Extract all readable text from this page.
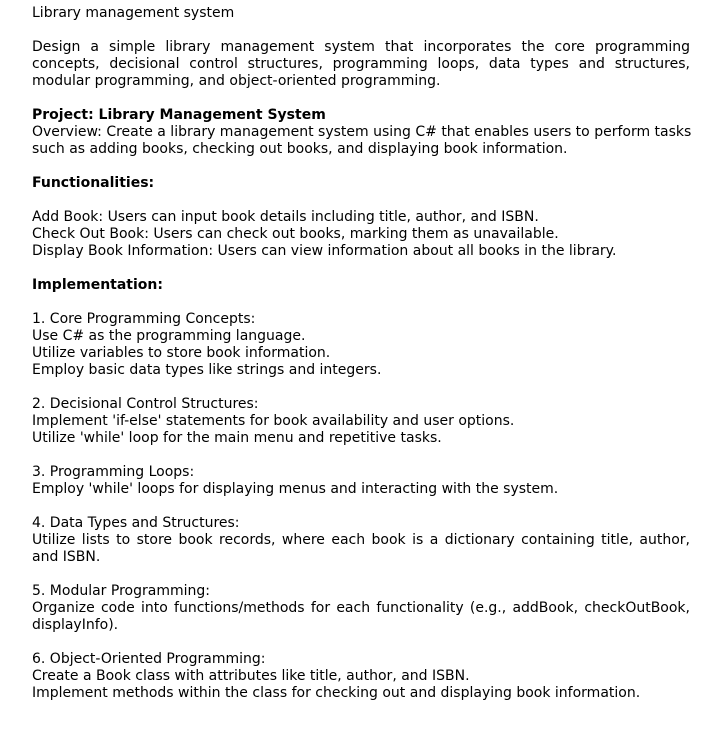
Library management system

Design a simple library management system that incorporates the core programming concepts, decisional control structures, programming loops, data types and structures, modular programming, and object-oriented programming.

Project: Library Management System
Overview: Create a library management system using C# that enables users to perform tasks
such as adding books, checking out books, and displaying book information.
Functionalities:
Add Book: Users can input book details including title, author, and ISBN.
Check Out Book: Users can check out books, marking them as unavailable.
Display Book Information: Users can view information about all books in the library.
Implementation:
1. Core Programming Concepts:
Use C# as the programming language.
Utilize variables to store book information.
Employ basic data types like strings and integers.
2. Decisional Control Structures:
Implement 'if-else' statements for book availability and user options.
Utilize 'while' loop for the main menu and repetitive tasks.
3. Programming Loops:
Employ 'while' loops for displaying menus and interacting with the system.
4. Data Types and Structures:

Utilize lists to store book records, where each book is a dictionary containing title, author, and ISBN.

5. Modular Programming:

Organize code into functions/methods for each functionality (e.g., addBook, checkOutBook, displayInfo).

6. Object-Oriented Programming:
Create a Book class with attributes like title, author, and ISBN.
Implement methods within the class for checking out and displaying book information.
